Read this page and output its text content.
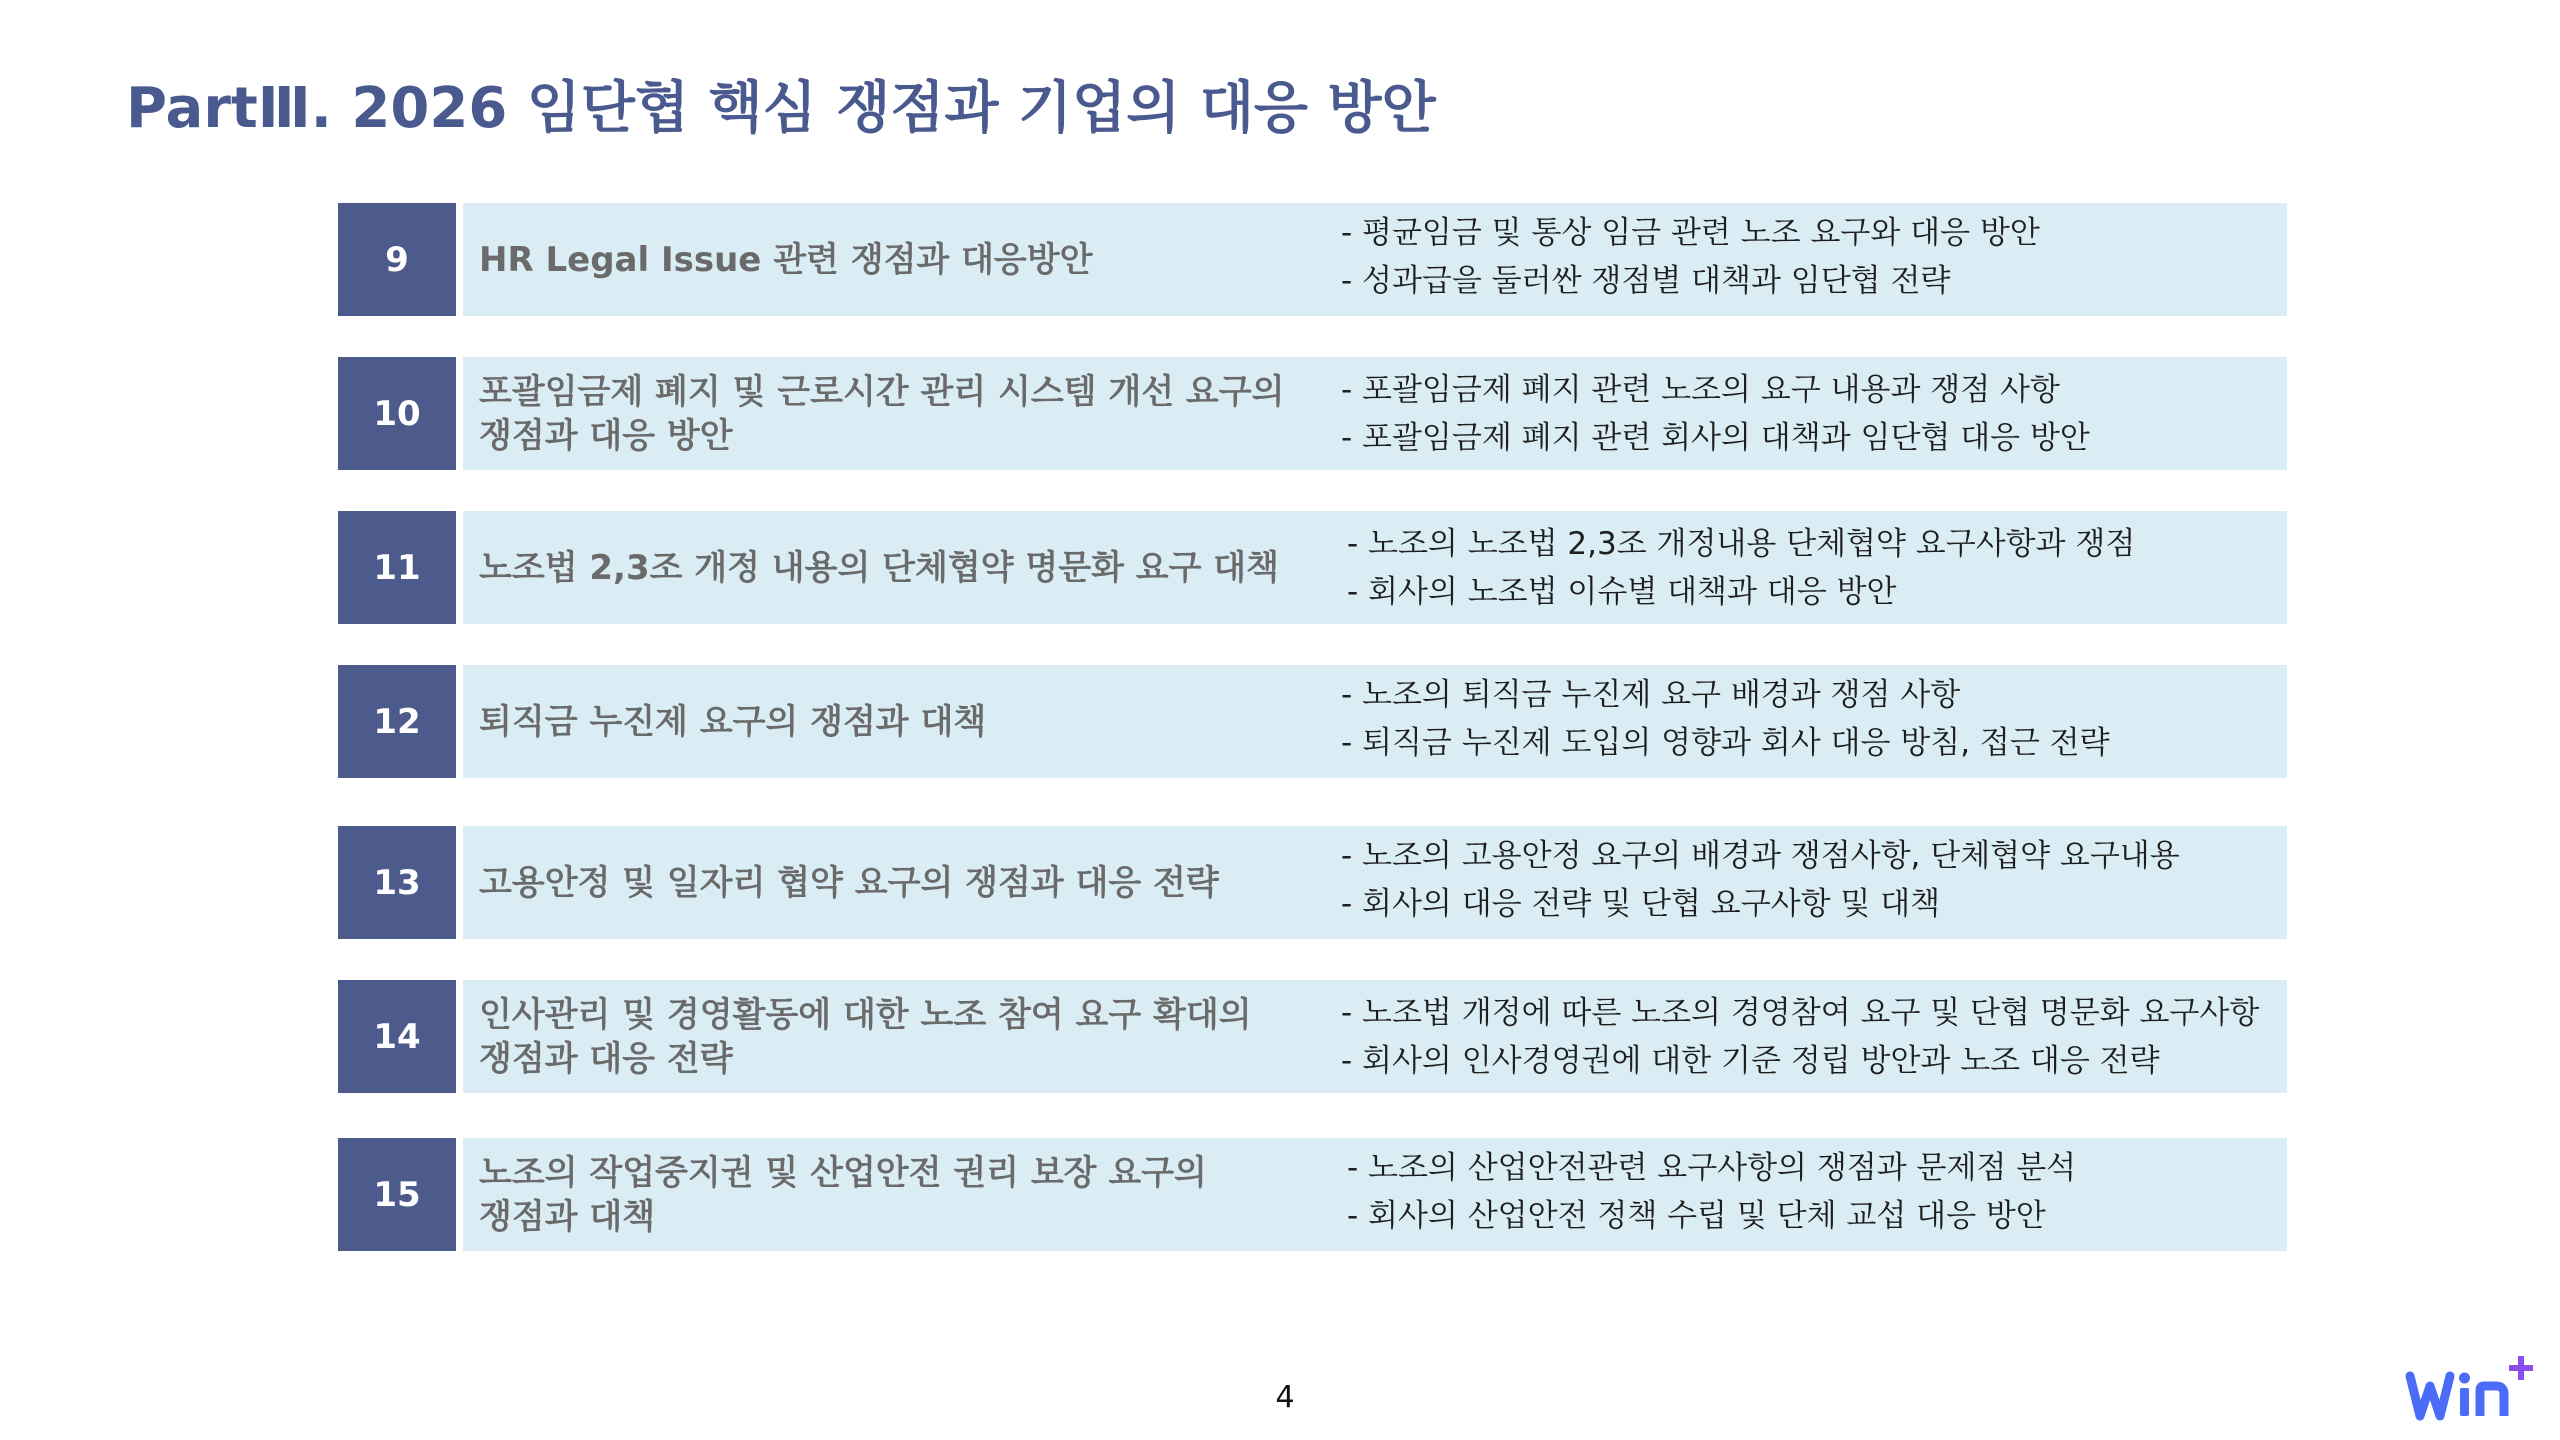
PartⅢ. 2026 임단협 핵심 쟁점과 기업의 대응 방안
9	HR Legal Issue 관련 쟁점과 대응방안
- 평균임금 및 통상 임금 관련 노조 요구와 대응 방안
- 성과급을 둘러싼 쟁점별 대책과 임단협 전략
10
포괄임금제 폐지 및 근로시간 관리 시스템 개선 요구의
쟁점과 대응 방안
- 포괄임금제 폐지 관련 노조의 요구 내용과 쟁점 사항
- 포괄임금제 폐지 관련 회사의 대책과 임단협 대응 방안
11	노조법 2,3조 개정 내용의 단체협약 명문화 요구 대책
- 노조의 노조법 2,3조 개정내용 단체협약 요구사항과 쟁점
- 회사의 노조법 이슈별 대책과 대응 방안
12	퇴직금 누진제 요구의 쟁점과 대책
- 노조의 퇴직금 누진제 요구 배경과 쟁점 사항
- 퇴직금 누진제 도입의 영향과 회사 대응 방침, 접근 전략
13	고용안정 및 일자리 협약 요구의 쟁점과 대응 전략
- 노조의 고용안정 요구의 배경과 쟁점사항, 단체협약 요구내용
- 회사의 대응 전략 및 단협 요구사항 및 대책
14
인사관리 및 경영활동에 대한 노조 참여 요구 확대의
쟁점과 대응 전략
- 노조법 개정에 따른 노조의 경영참여 요구 및 단협 명문화 요구사항
- 회사의 인사경영권에 대한 기준 정립 방안과 노조 대응 전략
15
노조의 작업중지권 및 산업안전 권리 보장 요구의
쟁점과 대책
- 노조의 산업안전관련 요구사항의 쟁점과 문제점 분석
- 회사의 산업안전 정책 수립 및 단체 교섭 대응 방안
4
